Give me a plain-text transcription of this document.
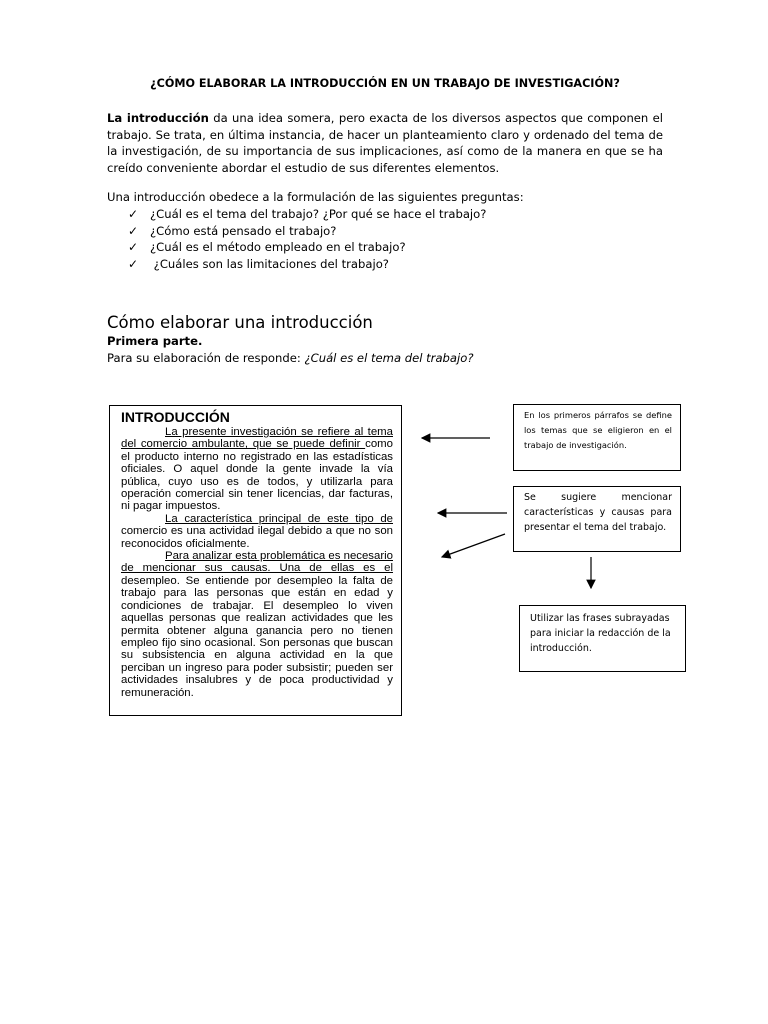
¿CÓMO ELABORAR LA INTRODUCCIÓN EN UN TRABAJO DE INVESTIGACIÓN?
La introducción da una idea somera, pero exacta de los diversos aspectos que componen el trabajo. Se trata, en última instancia, de hacer un planteamiento claro y ordenado del tema de la investigación, de su importancia de sus implicaciones, así como de la manera en que se ha creído conveniente abordar el estudio de sus diferentes elementos.
Una introducción obedece a la formulación de las siguientes preguntas:
✓	¿Cuál es el tema del trabajo? ¿Por qué se hace el trabajo?
✓	¿Cómo está pensado el trabajo?
✓	¿Cuál es el método empleado en el trabajo?
✓	¿Cuáles son las limitaciones del trabajo?
Cómo elaborar una introducción
Primera parte.
Para su elaboración de responde: ¿Cuál es el tema del trabajo?
INTRODUCCIÓN
La presente investigación se refiere al tema del comercio ambulante, que se puede definir como el producto interno no registrado en las estadísticas oficiales. O aquel donde la gente invade la vía pública, cuyo uso es de todos, y utilizarla para operación comercial sin tener licencias, dar facturas, ni pagar impuestos.
La característica principal de este tipo de comercio es una actividad ilegal debido a que no son reconocidos oficialmente.
Para analizar esta problemática es necesario de mencionar sus causas. Una de ellas es el desempleo. Se entiende por desempleo la falta de trabajo para las personas que están en edad y condiciones de trabajar. El desempleo lo viven aquellas personas que realizan actividades que les permita obtener alguna ganancia pero no tienen empleo fijo sino ocasional. Son personas que buscan su subsistencia en alguna actividad en la que perciban un ingreso para poder subsistir; pueden ser actividades insalubres y de poca productividad y remuneración.
En los primeros párrafos se define los temas que se eligieron en el trabajo de investigación.
Se sugiere mencionar características y causas para presentar el tema del trabajo.
Utilizar las frases subrayadas para iniciar la redacción de la introducción.
